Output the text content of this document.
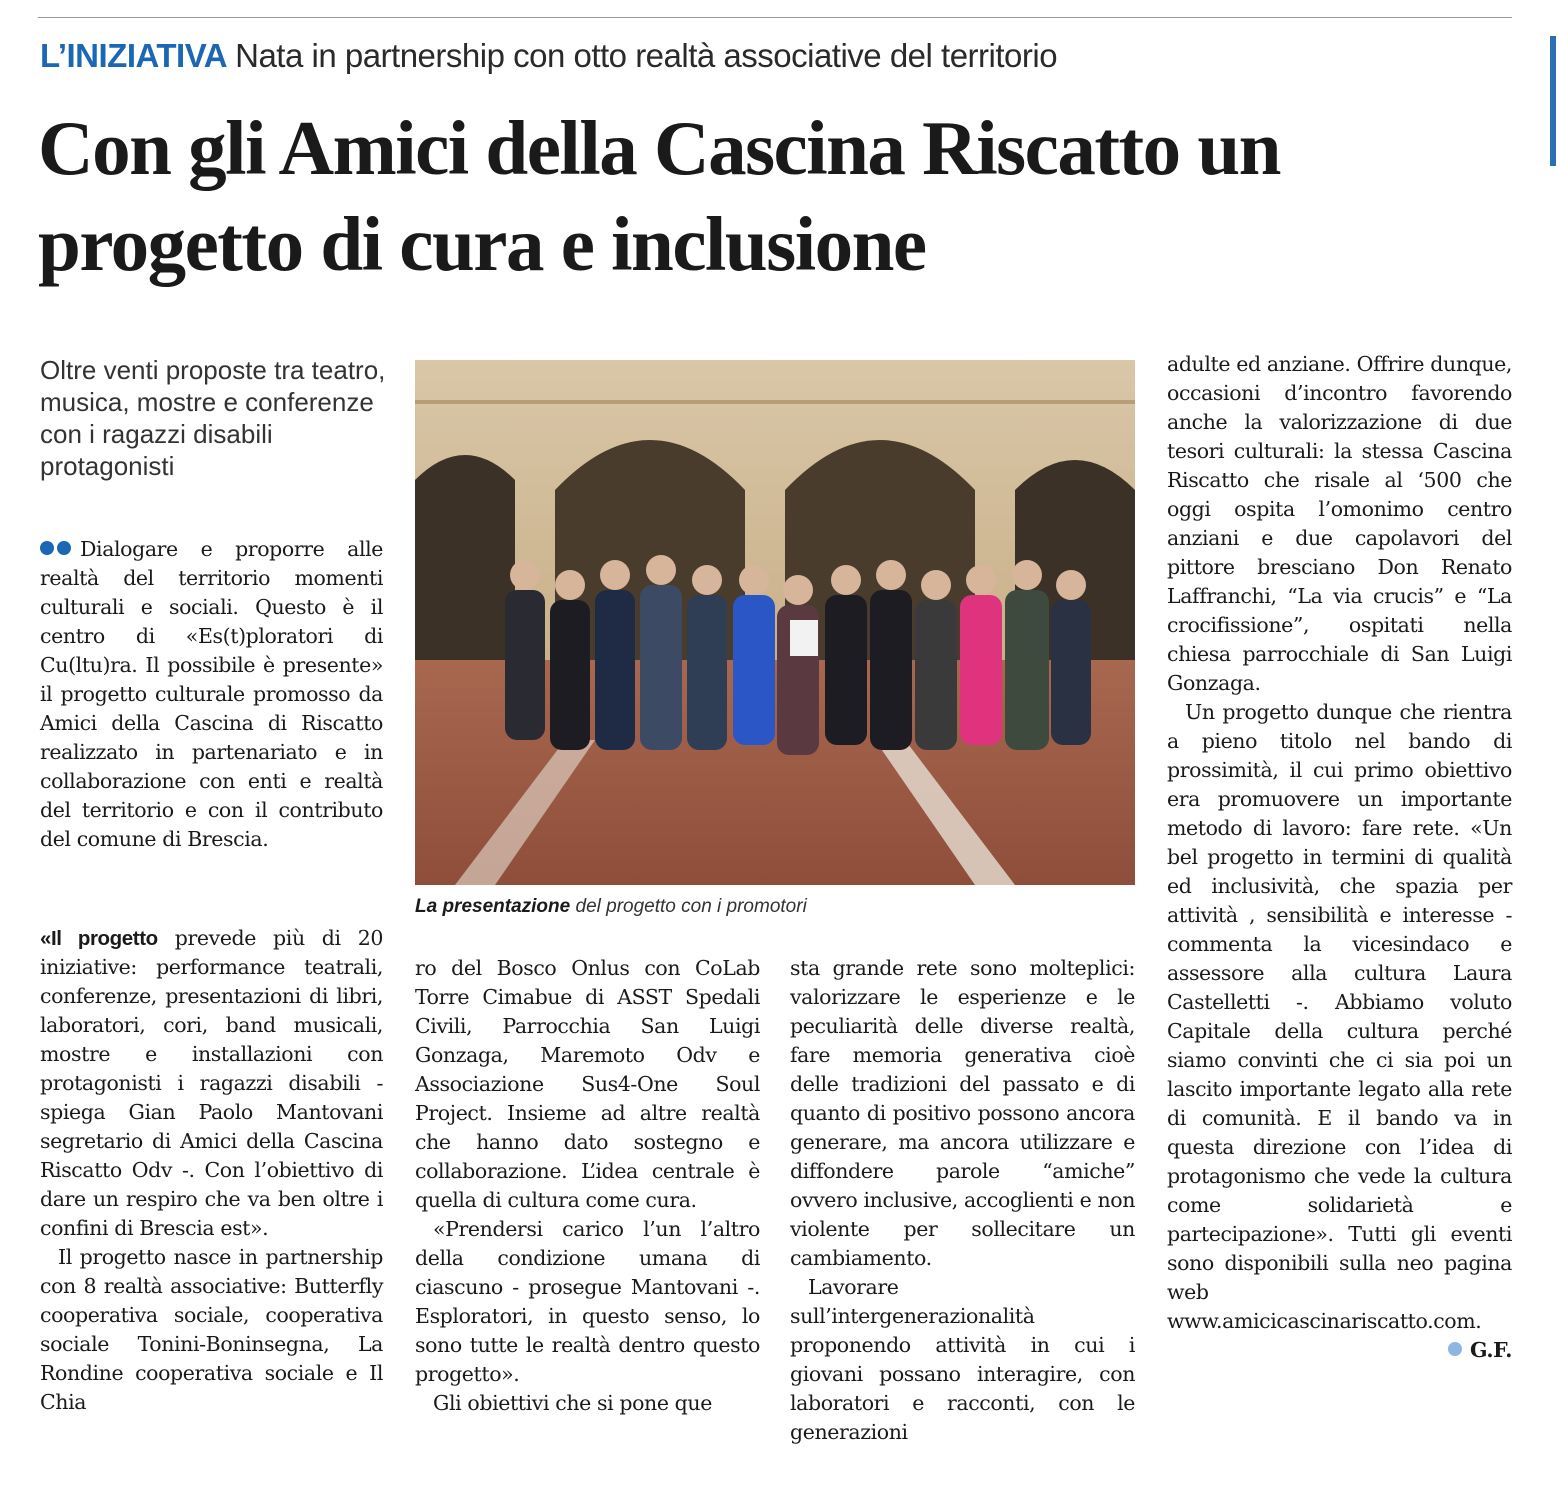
L’INIZIATIVA Nata in partnership con otto realtà associative del territorio
Con gli Amici della Cascina Riscatto un progetto di cura e inclusione

Oltre venti proposte tra teatro, musica, mostre e conferenze con i ragazzi disabili protagonisti

Dialogare e proporre alle realtà del territorio momenti culturali e sociali. Questo è il centro di «Es(t)ploratori di Cu(ltu)ra. Il possibile è presente» il progetto culturale promosso da Amici della Cascina di Riscatto realizzato in partenariato e in collaborazione con enti e realtà del territorio e con il contributo del comune di Brescia.

«Il progetto prevede più di 20 iniziative: performance teatrali, conferenze, presentazioni di libri, laboratori, cori, band musicali, mostre e installazioni con protagonisti i ragazzi disabili - spiega Gian Paolo Mantovani segretario di Amici della Cascina Riscatto Odv -. Con l’obiettivo di dare un respiro che va ben oltre i confini di Brescia est».

Il progetto nasce in partnership con 8 realtà associative: Butterfly cooperativa sociale, cooperativa sociale Tonini-Boninsegna, La Rondine cooperativa sociale e Il Chia

ro del Bosco Onlus con CoLab Torre Cimabue di ASST Spedali Civili, Parrocchia San Luigi Gonzaga, Maremoto Odv e Associazione Sus4-One Soul Project. Insieme ad altre realtà che hanno dato sostegno e collaborazione. L’idea centrale è quella di cultura come cura.

«Prendersi carico l’un l’altro della condizione umana di ciascuno - prosegue Mantovani -. Esploratori, in questo senso, lo sono tutte le realtà dentro questo progetto».

Gli obiettivi che si pone que

sta grande rete sono molteplici: valorizzare le esperienze e le peculiarità delle diverse realtà, fare memoria generativa cioè delle tradizioni del passato e di quanto di positivo possono ancora generare, ma ancora utilizzare e diffondere parole “amiche” ovvero inclusive, accoglienti e non violente per sollecitare un cambiamento.

Lavorare sull’intergenerazionalità proponendo attività in cui i giovani possano interagire, con laboratori e racconti, con le generazioni

adulte ed anziane. Offrire dunque, occasioni d’incontro favorendo anche la valorizzazione di due tesori culturali: la stessa Cascina Riscatto che risale al ‘500 che oggi ospita l’omonimo centro anziani e due capolavori del pittore bresciano Don Renato Laffranchi, “La via crucis” e “La crocifissione”, ospitati nella chiesa parrocchiale di San Luigi Gonzaga.

Un progetto dunque che rientra a pieno titolo nel bando di prossimità, il cui primo obiettivo era promuovere un importante metodo di lavoro: fare rete. «Un bel progetto in termini di qualità ed inclusività, che spazia per attività , sensibilità e interesse - commenta la vicesindaco e assessore alla cultura Laura Castelletti -. Abbiamo voluto Capitale della cultura perché siamo convinti che ci sia poi un lascito importante legato alla rete di comunità. E il bando va in questa direzione con l’idea di protagonismo che vede la cultura come solidarietà e partecipazione». Tutti gli eventi sono disponibili sulla neo pagina web www.amicicascinariscatto.com.
G.F.

La presentazione del progetto con i promotori
